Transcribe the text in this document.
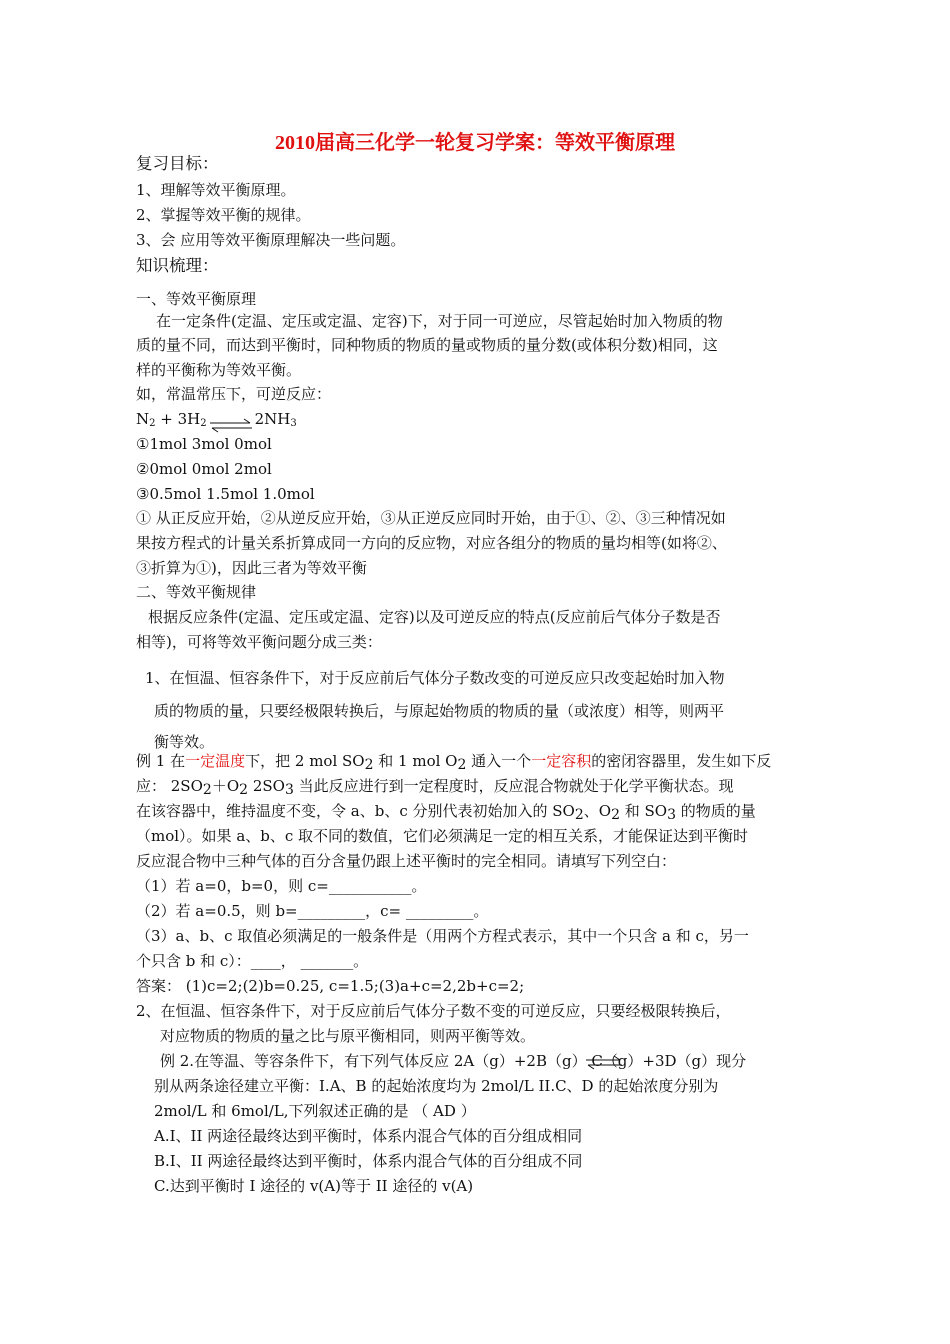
2010届高三化学一轮复习学案：等效平衡原理
复习目标：
1、理解等效平衡原理。
2、掌握等效平衡的规律。
3、会 应用等效平衡原理解决一些问题。
知识梳理：
一、等效平衡原理
在一定条件(定温、定压或定温、定容)下，对于同一可逆应，尽管起始时加入物质的物
质的量不同，而达到平衡时，同种物质的物质的量或物质的量分数(或体积分数)相同，这
样的平衡称为等效平衡。
如，常温常压下，可逆反应：
$N_2 + 3H_2$	$2NH_3$
①1mol 3mol 0mol
②0mol 0mol 2mol
③0.5mol 1.5mol 1.0mol
① 从正反应开始，②从逆反应开始，③从正逆反应同时开始，由于①、②、③三种情况如
果按方程式的计量关系折算成同一方向的反应物，对应各组分的物质的量均相等(如将②、
③折算为①)，因此三者为等效平衡
二、等效平衡规律
根据反应条件(定温、定压或定温、定容)以及可逆反应的特点(反应前后气体分子数是否
相等)，可将等效平衡问题分成三类：
1、在恒温、恒容条件下，对于反应前后气体分子数改变的可逆反应只改变起始时加入物
质的物质的量，只要经极限转换后，与原起始物质的物质的量（或浓度）相等，则两平
衡等效。
例 1 在一定温度下，把 2 mol $SO_2$ 和 1 mol $O_2$ 通入一个一定容积的密闭容器里，发生如下反
应： $2SO_2+O_2$ $2SO_3$ 当此反应进行到一定程度时，反应混合物就处于化学平衡状态。现
在该容器中，维持温度不变，令 a、b、c 分别代表初始加入的 $SO_2$、$O_2$ 和 $SO_3$ 的物质的量
（mol）。如果 a、b、c 取不同的数值，它们必须满足一定的相互关系，才能保证达到平衡时
反应混合物中三种气体的百分含量仍跟上述平衡时的完全相同。请填写下列空白：
（1）若 a=0，b=0，则 c=___________。
（2）若 a=0.5，则 b=_________，c= _________。
（3）a、b、c 取值必须满足的一般条件是（用两个方程式表示，其中一个只含 a 和 c，另一
个只含 b 和 c）：____， _______。
答案： (1)c=2;(2)b=0.25, c=1.5;(3)a+c=2,2b+c=2;
2、在恒温、恒容条件下，对于反应前后气体分子数不变的可逆反应，只要经极限转换后，
对应物质的物质的量之比与原平衡相同，则两平衡等效。
例 2.在等温、等容条件下，有下列气体反应 2A（g）+2B（g） C（g）+3D（g）现分
别从两条途径建立平衡：I.A、B 的起始浓度均为 2mol/L II.C、D 的起始浓度分别为
2mol/L 和 6mol/L,下列叙述正确的是 （ AD ）
A.I、II 两途径最终达到平衡时，体系内混合气体的百分组成相同
B.I、II 两途径最终达到平衡时，体系内混合气体的百分组成不同
C.达到平衡时 I 途径的 v(A)等于 II 途径的 v(A)
